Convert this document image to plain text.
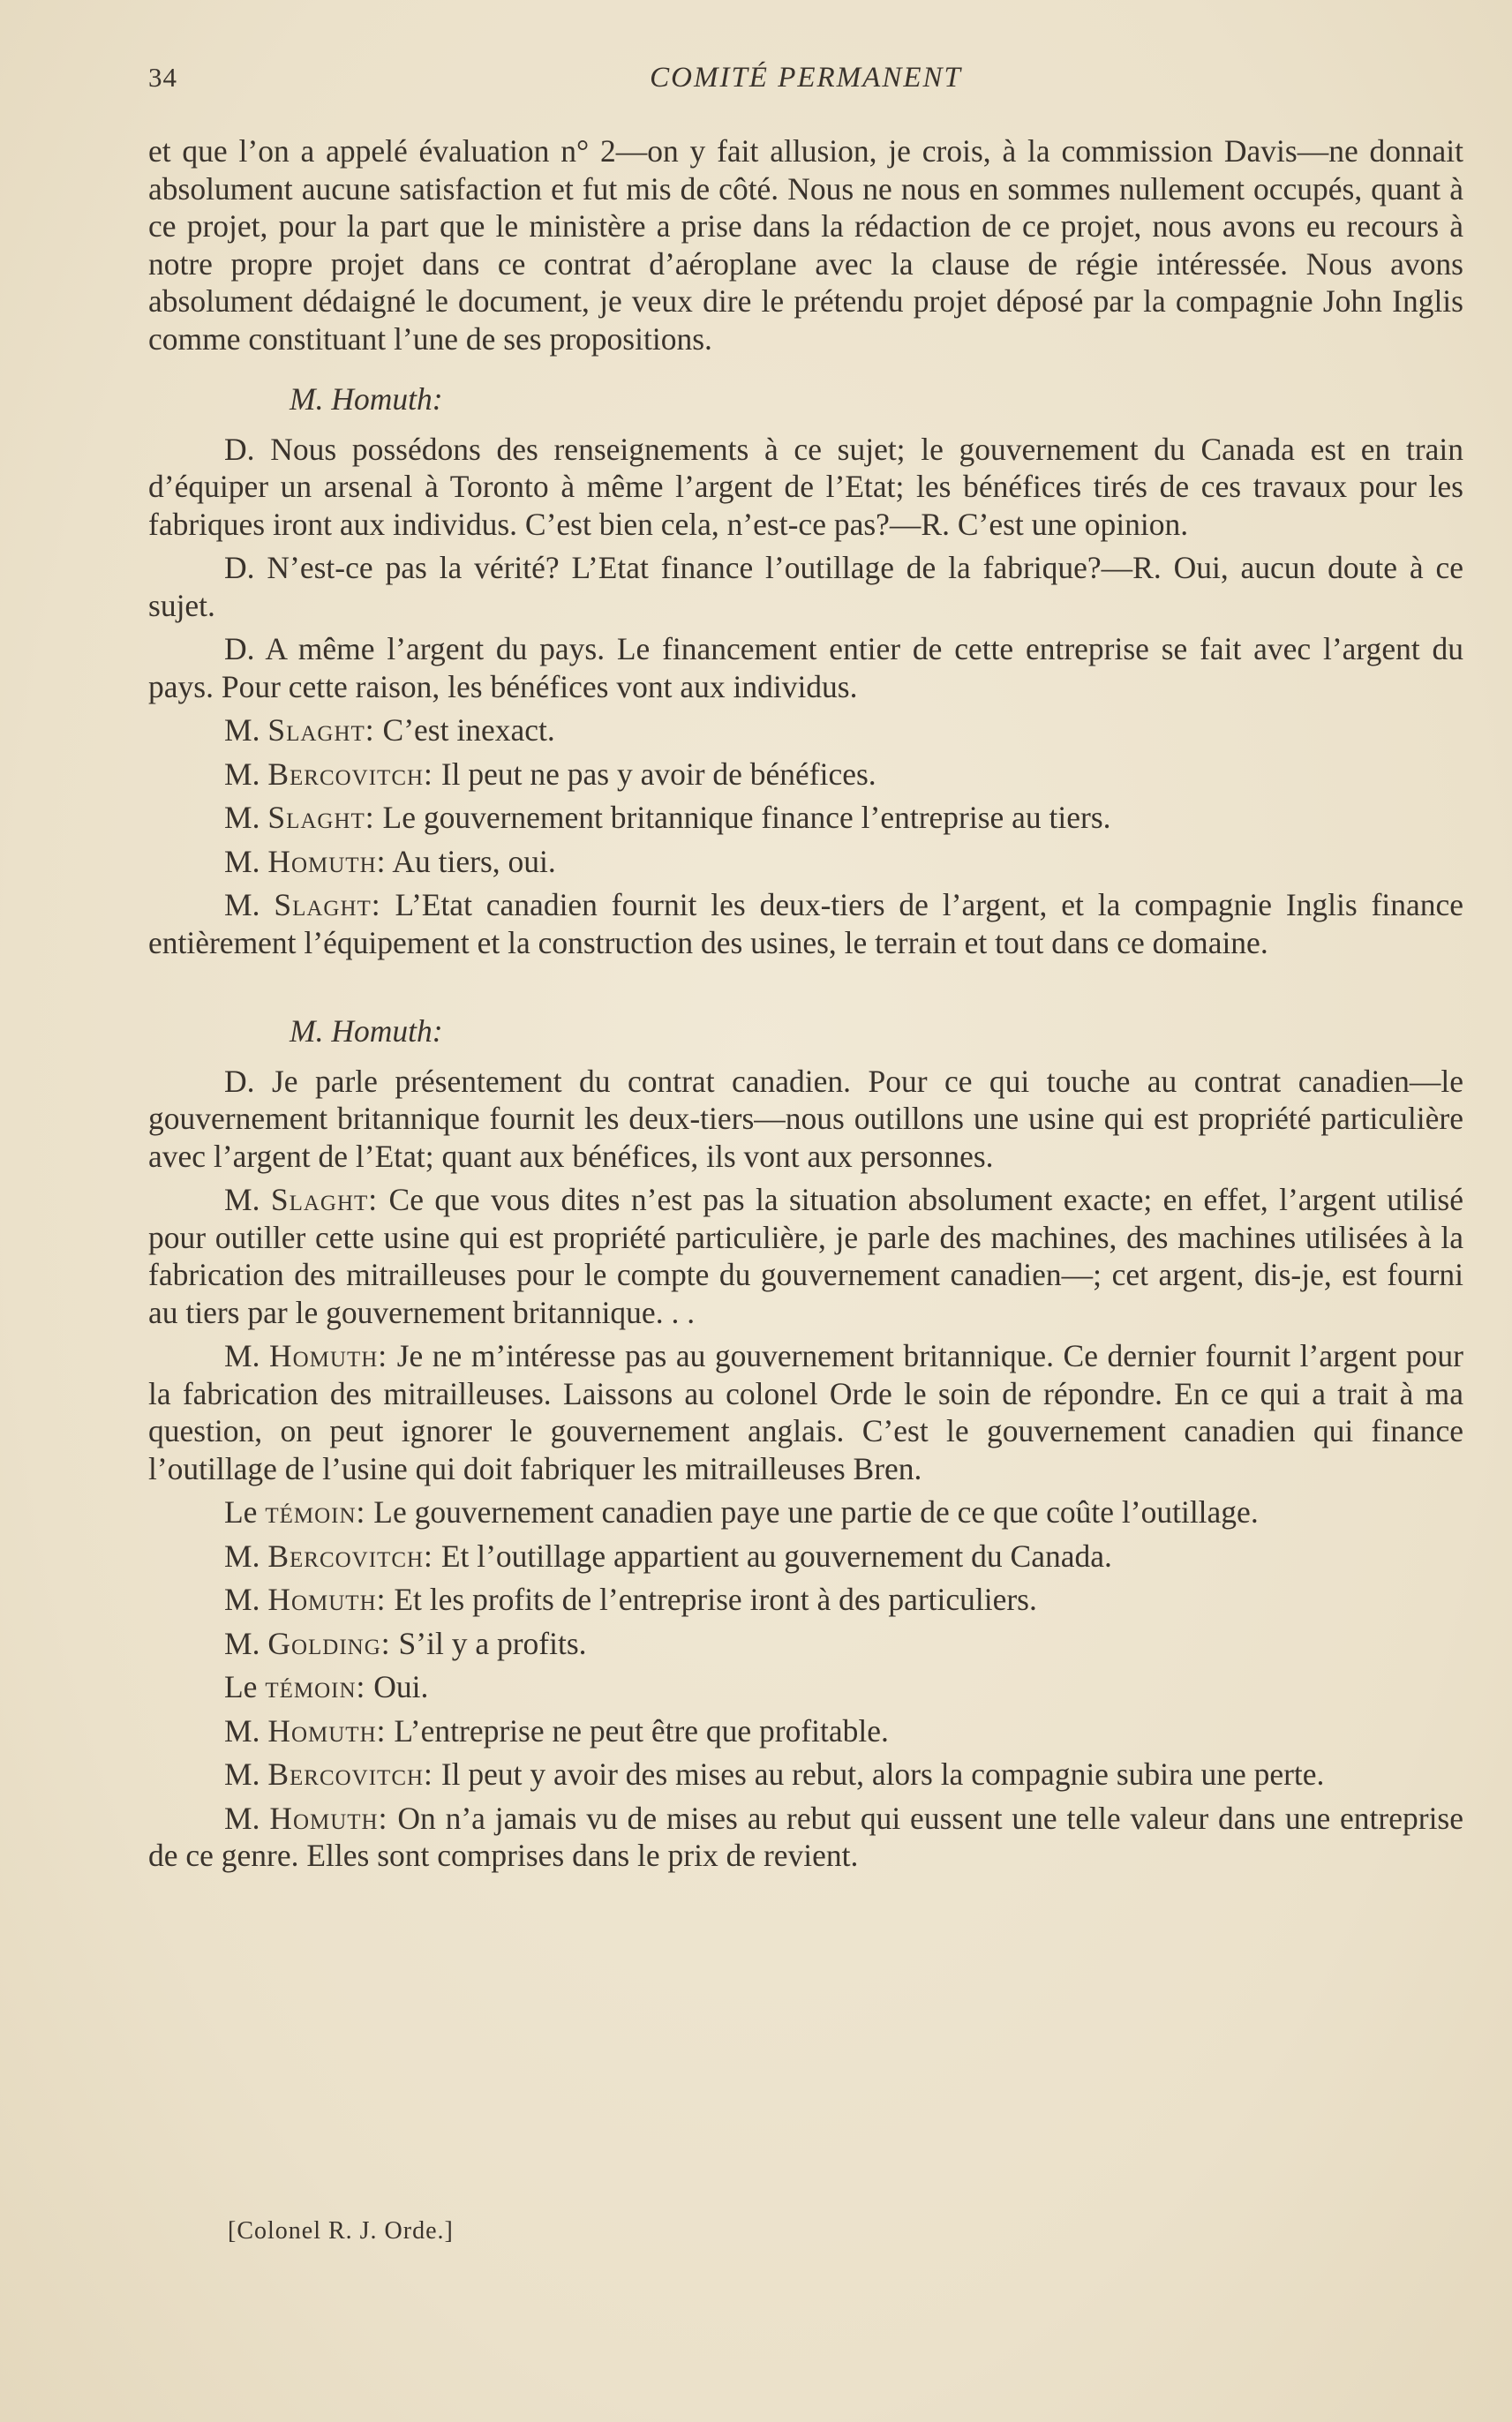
34	COMITÉ PERMANENT

et que l’on a appelé évaluation n° 2—on y fait allusion, je crois, à la commission Davis—ne donnait absolument aucune satisfaction et fut mis de côté. Nous ne nous en sommes nullement occupés, quant à ce projet, pour la part que le ministère a prise dans la rédaction de ce projet, nous avons eu recours à notre propre projet dans ce contrat d’aéroplane avec la clause de régie intéressée. Nous avons absolument dédaigné le document, je veux dire le prétendu projet déposé par la compagnie John Inglis comme constituant l’une de ses propositions.

M. Homuth:

D. Nous possédons des renseignements à ce sujet; le gouvernement du Canada est en train d’équiper un arsenal à Toronto à même l’argent de l’Etat; les bénéfices tirés de ces travaux pour les fabriques iront aux individus. C’est bien cela, n’est-ce pas?—R. C’est une opinion.

D. N’est-ce pas la vérité? L’Etat finance l’outillage de la fabrique?—R. Oui, aucun doute à ce sujet.

D. A même l’argent du pays. Le financement entier de cette entreprise se fait avec l’argent du pays. Pour cette raison, les bénéfices vont aux individus.

M. Slaght: C’est inexact.

M. Bercovitch: Il peut ne pas y avoir de bénéfices.

M. Slaght: Le gouvernement britannique finance l’entreprise au tiers.

M. Homuth: Au tiers, oui.

M. Slaght: L’Etat canadien fournit les deux-tiers de l’argent, et la compagnie Inglis finance entièrement l’équipement et la construction des usines, le terrain et tout dans ce domaine.

M. Homuth:

D. Je parle présentement du contrat canadien. Pour ce qui touche au contrat canadien—le gouvernement britannique fournit les deux-tiers—nous outillons une usine qui est propriété particulière avec l’argent de l’Etat; quant aux bénéfices, ils vont aux personnes.

M. Slaght: Ce que vous dites n’est pas la situation absolument exacte; en effet, l’argent utilisé pour outiller cette usine qui est propriété particulière, je parle des machines, des machines utilisées à la fabrication des mitrailleuses pour le compte du gouvernement canadien—; cet argent, dis-je, est fourni au tiers par le gouvernement britannique. . .

M. Homuth: Je ne m’intéresse pas au gouvernement britannique. Ce dernier fournit l’argent pour la fabrication des mitrailleuses. Laissons au colonel Orde le soin de répondre. En ce qui a trait à ma question, on peut ignorer le gouvernement anglais. C’est le gouvernement canadien qui finance l’outillage de l’usine qui doit fabriquer les mitrailleuses Bren.

Le témoin: Le gouvernement canadien paye une partie de ce que coûte l’outillage.

M. Bercovitch: Et l’outillage appartient au gouvernement du Canada.

M. Homuth: Et les profits de l’entreprise iront à des particuliers.

M. Golding: S’il y a profits.

Le témoin: Oui.

M. Homuth: L’entreprise ne peut être que profitable.

M. Bercovitch: Il peut y avoir des mises au rebut, alors la compagnie subira une perte.

M. Homuth: On n’a jamais vu de mises au rebut qui eussent une telle valeur dans une entreprise de ce genre. Elles sont comprises dans le prix de revient.

[Colonel R. J. Orde.]
